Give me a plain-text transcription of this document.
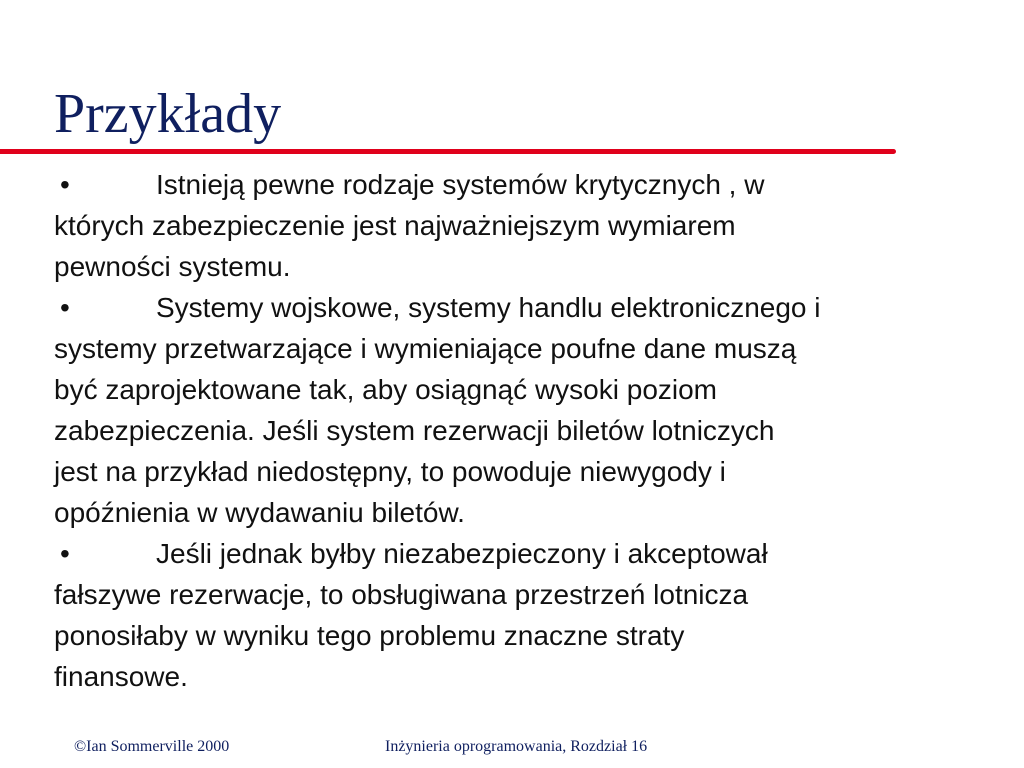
Przykłady

•	Istnieją pewne rodzaje systemów krytycznych , w
których zabezpieczenie jest najważniejszym wymiarem
pewności systemu.

•	Systemy wojskowe, systemy handlu elektronicznego i
systemy przetwarzające i wymieniające poufne dane muszą
być zaprojektowane tak, aby osiągnąć wysoki poziom
zabezpieczenia. Jeśli system rezerwacji biletów lotniczych
jest na przykład niedostępny, to powoduje niewygody i
opóźnienia w wydawaniu biletów.

•	Jeśli jednak byłby niezabezpieczony i akceptował
fałszywe rezerwacje, to obsługiwana przestrzeń lotnicza
ponosiłaby w wyniku tego problemu znaczne straty
finansowe.

©Ian Sommerville 2000	Inżynieria oprogramowania, Rozdział 16
